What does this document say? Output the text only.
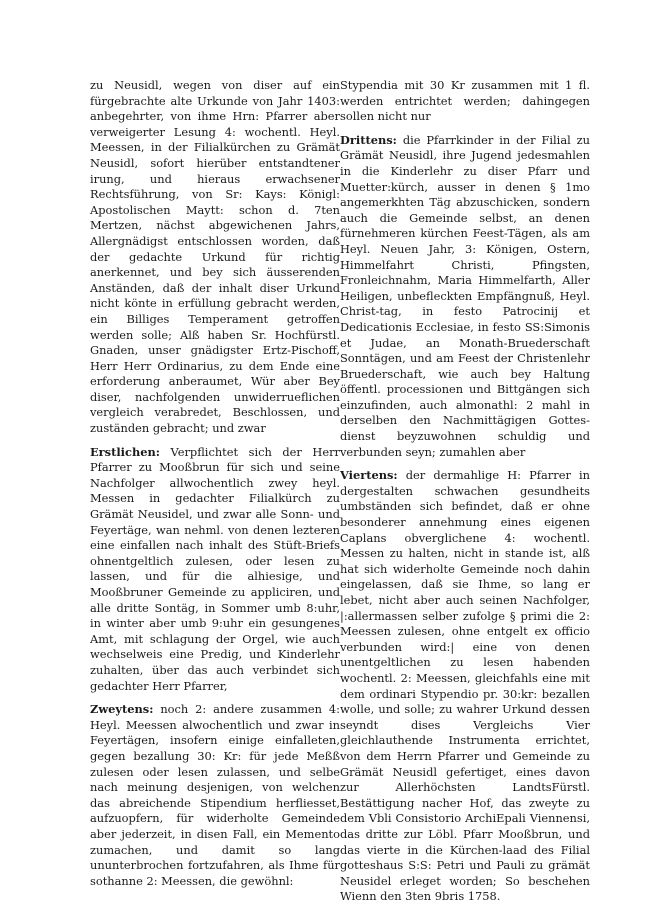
zu Neusidl, wegen von diser auf ein fürgebrachte alte Urkunde von Jahr 1403: anbegehrter, von ihme Hrn: Pfarrer aber verweigerter Lesung 4: wochentl. Heyl. Meessen, in der Filialkürchen zu Grämät Neusidl, sofort hierüber entstandtener irung, und hieraus erwachsener Rechtsführung, von Sr: Kays: Königl: Apostolischen Maytt: schon d. 7ten Mertzen, nächst abgewichenen Jahrs, Allergnädigst entschlossen worden, daß der gedachte Urkund für richtig anerkennet, und bey sich äusserenden Anständen, daß der inhalt diser Urkund nicht könte in erfüllung gebracht werden, ein Billiges Temperament getroffen werden solle; Alß haben Sr. Hochfürstl. Gnaden, unser gnädigster Ertz-Pischoff, Herr Herr Ordinarius, zu dem Ende eine erforderung anberaumet, Wür aber Bey diser, nachfolgenden unwiderrueflichen vergleich verabredet, Beschlossen, und zuständen gebracht; und zwar

Erstlichen: Verpflichtet sich der Herr Pfarrer zu Mooßbrun für sich und seine Nachfolger allwochentlich zwey heyl. Messen in gedachter Filialkürch zu Grämät Neusidel, und zwar alle Sonn- und Feyertäge, wan nehml. von denen lezteren eine einfallen nach inhalt des Stüft-Briefs ohnentgeltlich zulesen, oder lesen zu lassen, und für die alhiesige, und Mooßbruner Gemeinde zu appliciren, und alle dritte Sontäg, in Sommer umb 8:uhr, in winter aber umb 9:uhr ein gesungenes Amt, mit schlagung der Orgel, wie auch wechselweis eine Predig, und Kinderlehr zuhalten, über das auch verbindet sich gedachter Herr Pfarrer,

Zweytens: noch 2: andere zusammen 4: Heyl. Meessen alwochentlich und zwar in Feyertägen, insofern einige einfalleten, gegen bezallung 30: Kr: für jede Meßß zulesen oder lesen zulassen, und selbe nach meinung desjenigen, von welchen das abreichende Stipendium herfliesset, aufzuopfern, für widerholte Gemeinde aber jederzeit, in disen Fall, ein Memento zumachen, und damit so lang ununterbrochen fortzufahren, als Ihme für sothanne 2: Meessen, die gewöhnl:

Stypendia mit 30 Kr zusammen mit 1 fl. werden entrichtet werden; dahingegen sollen nicht nur

Drittens: die Pfarrkinder in der Filial zu Grämät Neusidl, ihre Jugend jedesmahlen in die Kinderlehr zu diser Pfarr und Muetter:kürch, ausser in denen § 1mo angemerkhten Täg abzuschicken, sondern auch die Gemeinde selbst, an denen fürnehmeren kürchen Feest-Tägen, als am Heyl. Neuen Jahr, 3: Königen, Ostern, Himmelfahrt Christi, Pfingsten, Fronleichnahm, Maria Himmelfarth, Aller Heiligen, unbefleckten Empfängnuß, Heyl. Christ-tag, in festo Patrocinij et Dedicationis Ecclesiae, in festo SS:Simonis et Judae, an Monath-Bruederschaft Sonntägen, und am Feest der Christenlehr Bruederschaft, wie auch bey Haltung öffentl. processionen und Bittgängen sich einzufinden, auch almonathl: 2 mahl in derselben den Nachmittägigen Gottes-dienst beyzuwohnen schuldig und verbunden seyn; zumahlen aber

Viertens: der dermahlige H: Pfarrer in dergestalten schwachen gesundheits umbständen sich befindet, daß er ohne besonderer annehmung eines eigenen Caplans obverglichene 4: wochentl. Messen zu halten, nicht in stande ist, alß hat sich widerholte Gemeinde noch dahin eingelassen, daß sie Ihme, so lang er lebet, nicht aber auch seinen Nachfolger, |:allermassen selber zufolge § primi die 2: Meessen zulesen, ohne entgelt ex officio verbunden wird:| eine von denen unentgeltlichen zu lesen habenden wochentl. 2: Meessen, gleichfahls eine mit dem ordinari Stypendio pr. 30:kr: bezallen wolle, und solle; zu wahrer Urkund dessen seyndt dises Vergleichs Vier gleichlauthende Instrumenta errichtet, von dem Herrn Pfarrer und Gemeinde zu Grämät Neusidl gefertiget, eines davon zur Allerhöchsten LandtsFürstl. Bestättigung nacher Hof, das zweyte zu dem Vbli Consistorio ArchiEpali Viennensi, das dritte zur Löbl. Pfarr Mooßbrun, und das vierte in die Kürchen-laad des Filial gotteshaus S:S: Petri und Pauli zu grämät Neusidel erleget worden; So beschehen Wienn den 3ten 9bris 1758.
